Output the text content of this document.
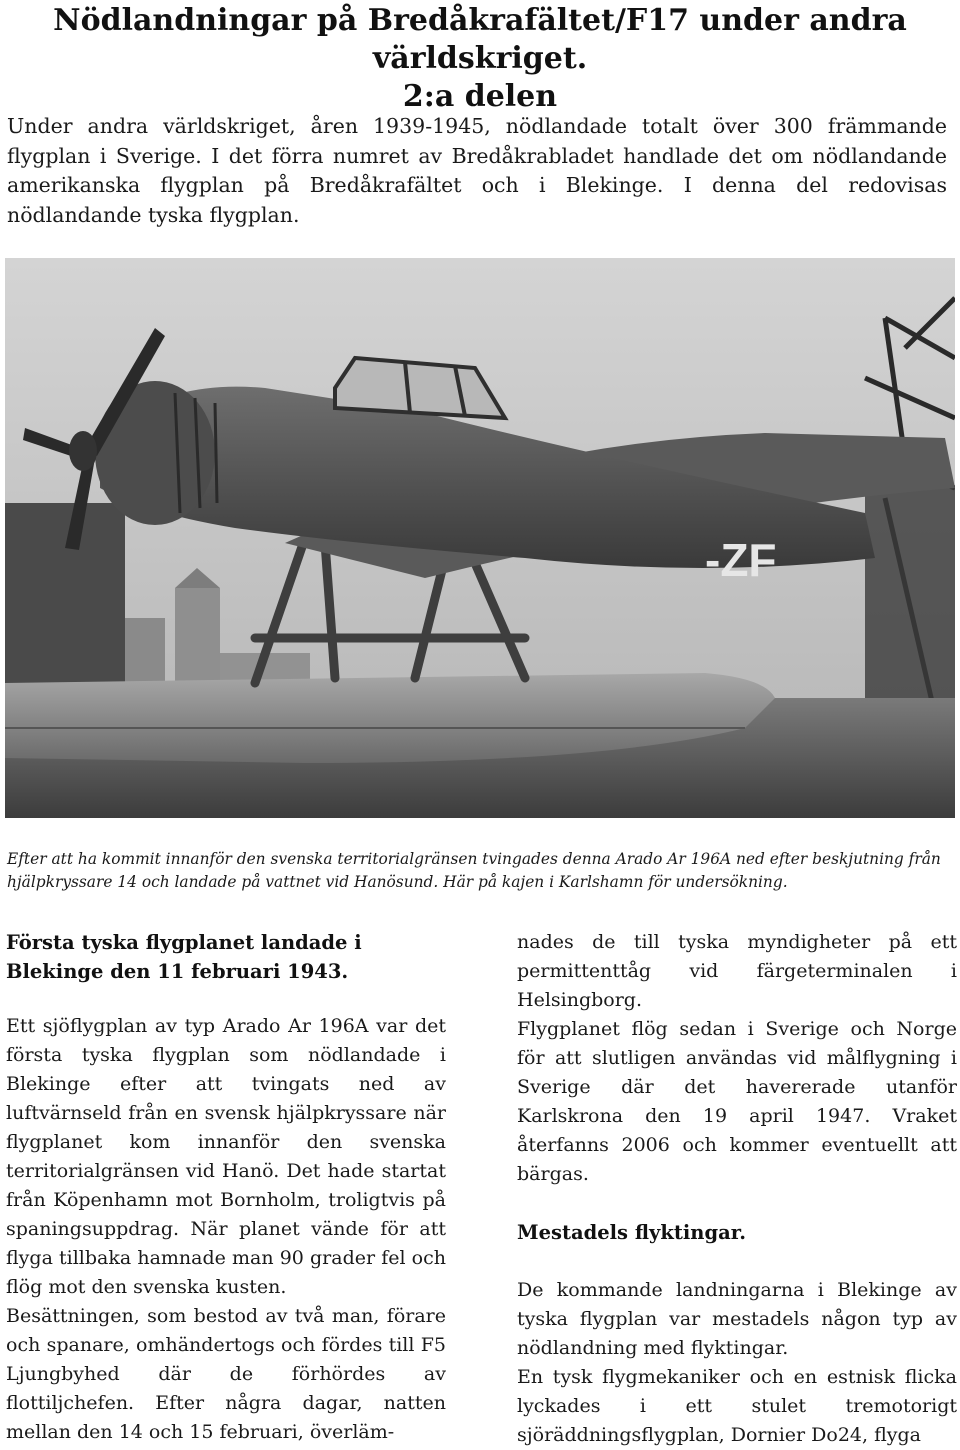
Nödlandningar på Bredåkrafältet/F17 under andra världskriget.
2:a delen

Under andra världskriget, åren 1939-1945, nödlandade totalt över 300 främmande flygplan i Sverige. I det förra numret av Bredåkrabladet handlade det om nödlandande amerikanska flygplan på Bredåkrafältet och i Blekinge. I denna del redovisas nödlandande tyska flygplan.

-ZF

Efter att ha kommit innanför den svenska territorialgränsen tvingades denna Arado Ar 196A ned efter beskjutning från hjälpkryssare 14 och landade på vattnet vid Hanösund. Här på kajen i Karlshamn för undersökning.

Första tyska flygplanet landade i Blekinge den 11 februari 1943.

Ett sjöflygplan av typ Arado Ar 196A var det första tyska flygplan som nödlandade i Blekinge efter att tvingats ned av luftvärnseld från en svensk hjälpkryssare när flygplanet kom innanför den svenska territorialgränsen vid Hanö. Det hade startat från Köpenhamn mot Bornholm, troligtvis på spaningsuppdrag. När planet vände för att flyga tillbaka hamnade man 90 grader fel och flög mot den svenska kusten.

Besättningen, som bestod av två man, förare och spanare, omhändertogs och fördes till F5 Ljungbyhed där de förhördes av flottiljchefen. Efter några dagar, natten mellan den 14 och 15 februari, överläm-

nades de till tyska myndigheter på ett permittenttåg vid färgeterminalen i Helsingborg.

Flygplanet flög sedan i Sverige och Norge för att slutligen användas vid målflygning i Sverige där det havererade utanför Karlskrona den 19 april 1947. Vraket återfanns 2006 och kommer eventuellt att bärgas.

Mestadels flyktingar.

De kommande landningarna i Blekinge av tyska flygplan var mestadels någon typ av nödlandning med flyktingar.

En tysk flygmekaniker och en estnisk flicka lyckades i ett stulet tremotorigt sjöräddningsflygplan, Dornier Do24, flyga
